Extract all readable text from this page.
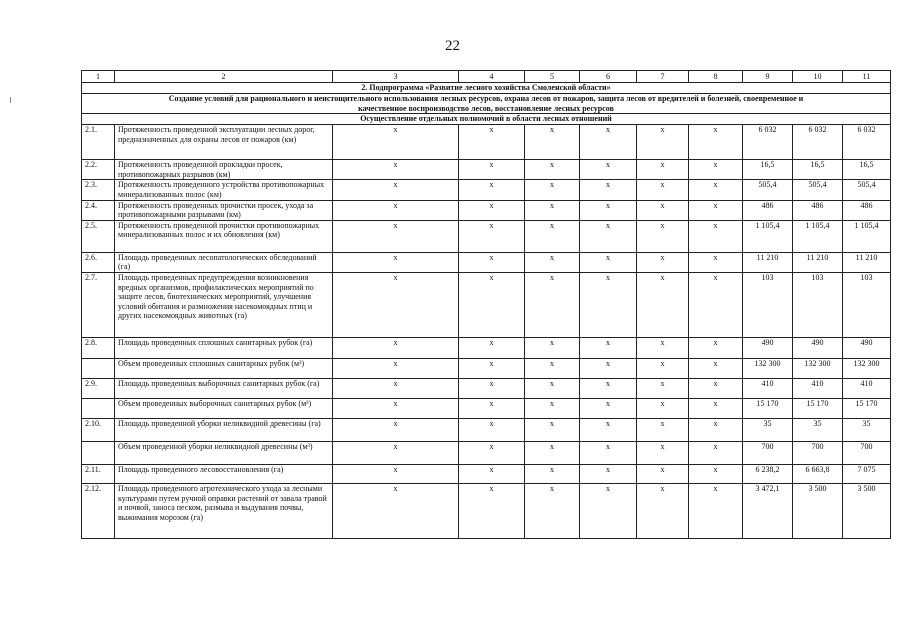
22
1	2	3	4	5	6	7	8	9	10	11
2. Подпрограмма «Развитие лесного хозяйства Смоленской области»										

Создание условий для рационального и неистощительного использования лесных ресурсов, охрана лесов от пожаров, защита лесов от вредителей и болезней, своевременное и
качественное воспроизводство лесов, восстановление лесных ресурсов										

Осуществление отдельных полномочий в области лесных отношений										
2.1.	Протяженность проведенной эксплуатации лесных дорог, предназначенных для охраны лесов от пожаров (км)	x	x	x	x	x	x	6 032	6 032	6 032
2.2.	Протяженность проведенной прокладки просек, противопожарных разрывов (км)	x	x	x	x	x	x	16,5	16,5	16,5
2.3.	Протяженность проведенного устройства противопожарных минерализованных полос (км)	x	x	x	x	x	x	505,4	505,4	505,4
2.4.	Протяженность проведенных прочистки просек, ухода за противопожарными разрывами (км)	x	x	x	x	x	x	486	486	486
2.5.	Протяженность проведенной прочистки противопожарных минерализованных полос и их обновления (км)	x	x	x	x	x	x	1 105,4	1 105,4	1 105,4
2.6.	Площадь проведенных лесопатологических обследований (га)	x	x	x	x	x	x	11 210	11 210	11 210
2.7.	Площадь проведенных предупреждения возникновения вредных организмов, профилактических мероприятий по защите лесов, биотехнических мероприятий, улучшения условий обитания и размножения насекомоядных птиц и других насекомоядных животных (га)	x	x	x	x	x	x	103	103	103
2.8.	Площадь проведенных сплошных санитарных рубок (га)	x	x	x	x	x	x	490	490	490
	Объем проведенных сплошных санитарных рубок (м³)	x	x	x	x	x	x	132 300	132 300	132 300
2.9.	Площадь проведенных выборочных санитарных рубок (га)	x	x	x	x	x	x	410	410	410
	Объем проведенных выборочных санитарных рубок (м³)	x	x	x	x	x	x	15 170	15 170	15 170
2.10.	Площадь проведенной уборки неликвидной древесины (га)	x	x	x	x	x	x	35	35	35
	Объем проведенной уборки неликвидной древесины (м³)	x	x	x	x	x	x	700	700	700
2.11.	Площадь проведенного лесовосстановления (га)	x	x	x	x	x	x	6 238,2	6 663,8	7 075
2.12.	Площадь проведенного агротехнического ухода за лесными культурами путем ручной оправки растений от завала травой и почвой, заноса песком, размыва и выдувания почвы, выжимания морозом (га)	x	x	x	x	x	x	3 472,1	3 500	3 500
